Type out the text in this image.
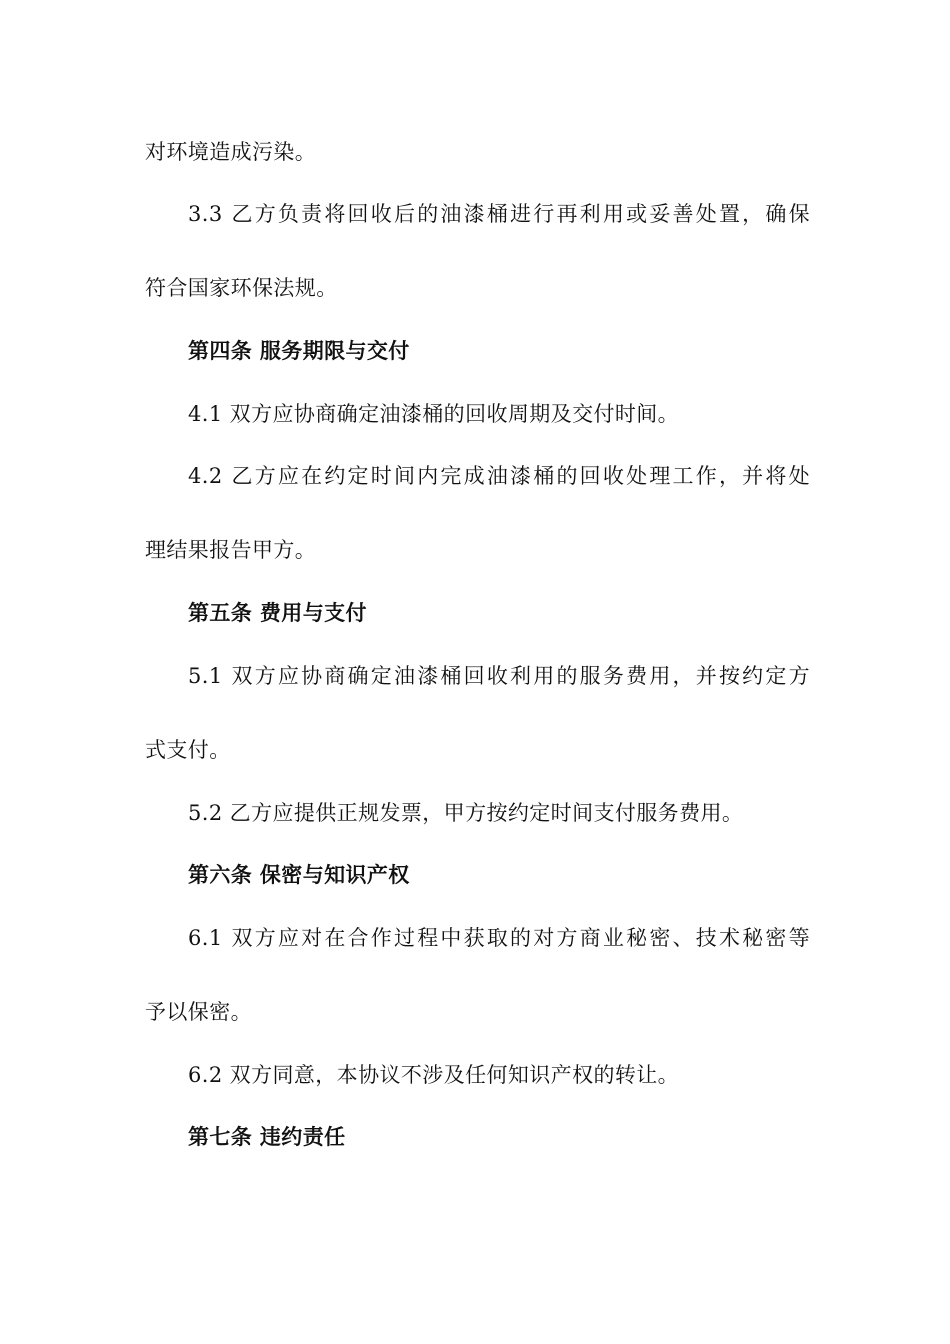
对环境造成污染。
3.3 乙方负责将回收后的油漆桶进行再利用或妥善处置，确保
符合国家环保法规。
第四条 服务期限与交付
4.1 双方应协商确定油漆桶的回收周期及交付时间。
4.2 乙方应在约定时间内完成油漆桶的回收处理工作，并将处
理结果报告甲方。
第五条 费用与支付
5.1 双方应协商确定油漆桶回收利用的服务费用，并按约定方
式支付。
5.2 乙方应提供正规发票，甲方按约定时间支付服务费用。
第六条 保密与知识产权
6.1 双方应对在合作过程中获取的对方商业秘密、技术秘密等
予以保密。
6.2 双方同意，本协议不涉及任何知识产权的转让。
第七条 违约责任
